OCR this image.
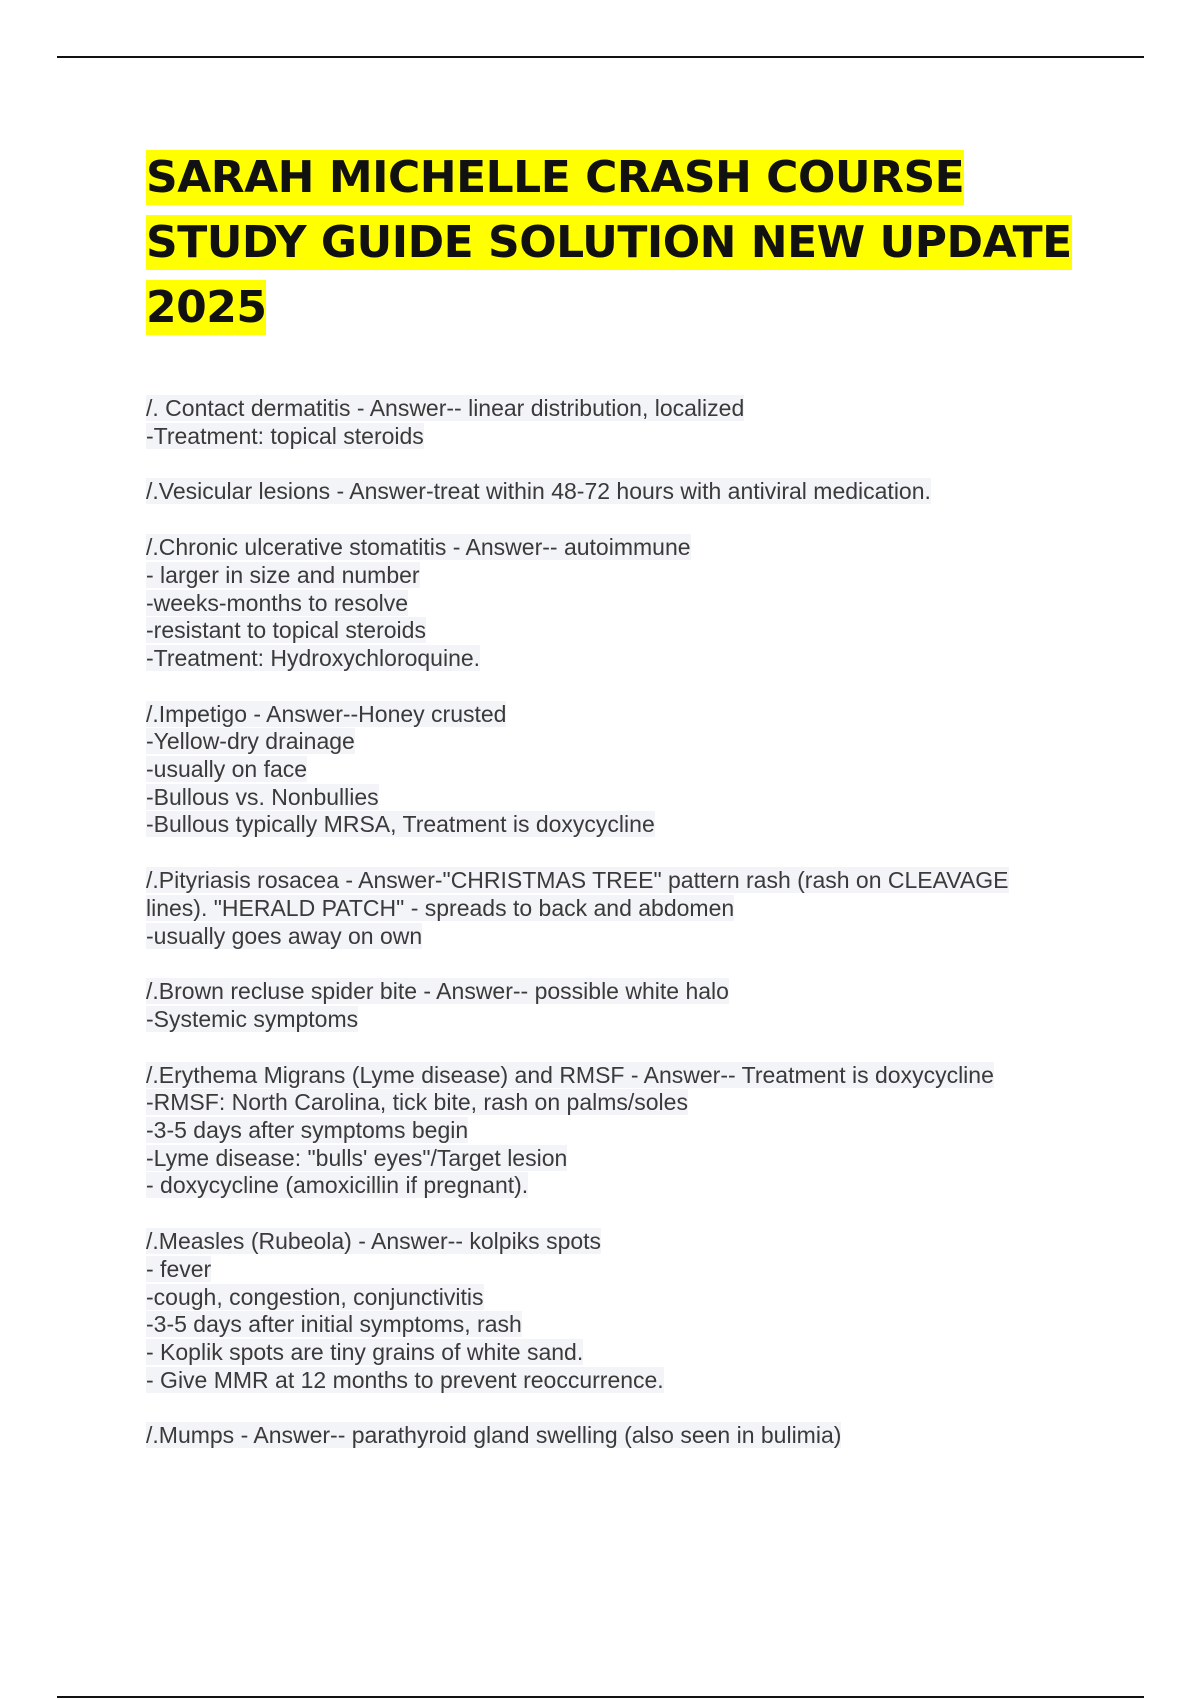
SARAH MICHELLE CRASH COURSE STUDY GUIDE SOLUTION NEW UPDATE 2025
/. Contact dermatitis - Answer-- linear distribution, localized
-Treatment: topical steroids
/.Vesicular lesions - Answer-treat within 48-72 hours with antiviral medication.
/.Chronic ulcerative stomatitis - Answer-- autoimmune
- larger in size and number
-weeks-months to resolve
-resistant to topical steroids
-Treatment: Hydroxychloroquine.
/.Impetigo - Answer--Honey crusted
-Yellow-dry drainage
-usually on face
-Bullous vs. Nonbullies
-Bullous typically MRSA, Treatment is doxycycline
/.Pityriasis rosacea - Answer-"CHRISTMAS TREE" pattern rash (rash on CLEAVAGE
lines). "HERALD PATCH" - spreads to back and abdomen
-usually goes away on own
/.Brown recluse spider bite - Answer-- possible white halo
-Systemic symptoms
/.Erythema Migrans (Lyme disease) and RMSF - Answer-- Treatment is doxycycline
-RMSF: North Carolina, tick bite, rash on palms/soles
-3-5 days after symptoms begin
-Lyme disease: "bulls' eyes"/Target lesion
- doxycycline (amoxicillin if pregnant).
/.Measles (Rubeola) - Answer-- kolpiks spots
- fever
-cough, congestion, conjunctivitis
-3-5 days after initial symptoms, rash
- Koplik spots are tiny grains of white sand.
- Give MMR at 12 months to prevent reoccurrence.
/.Mumps - Answer-- parathyroid gland swelling (also seen in bulimia)
